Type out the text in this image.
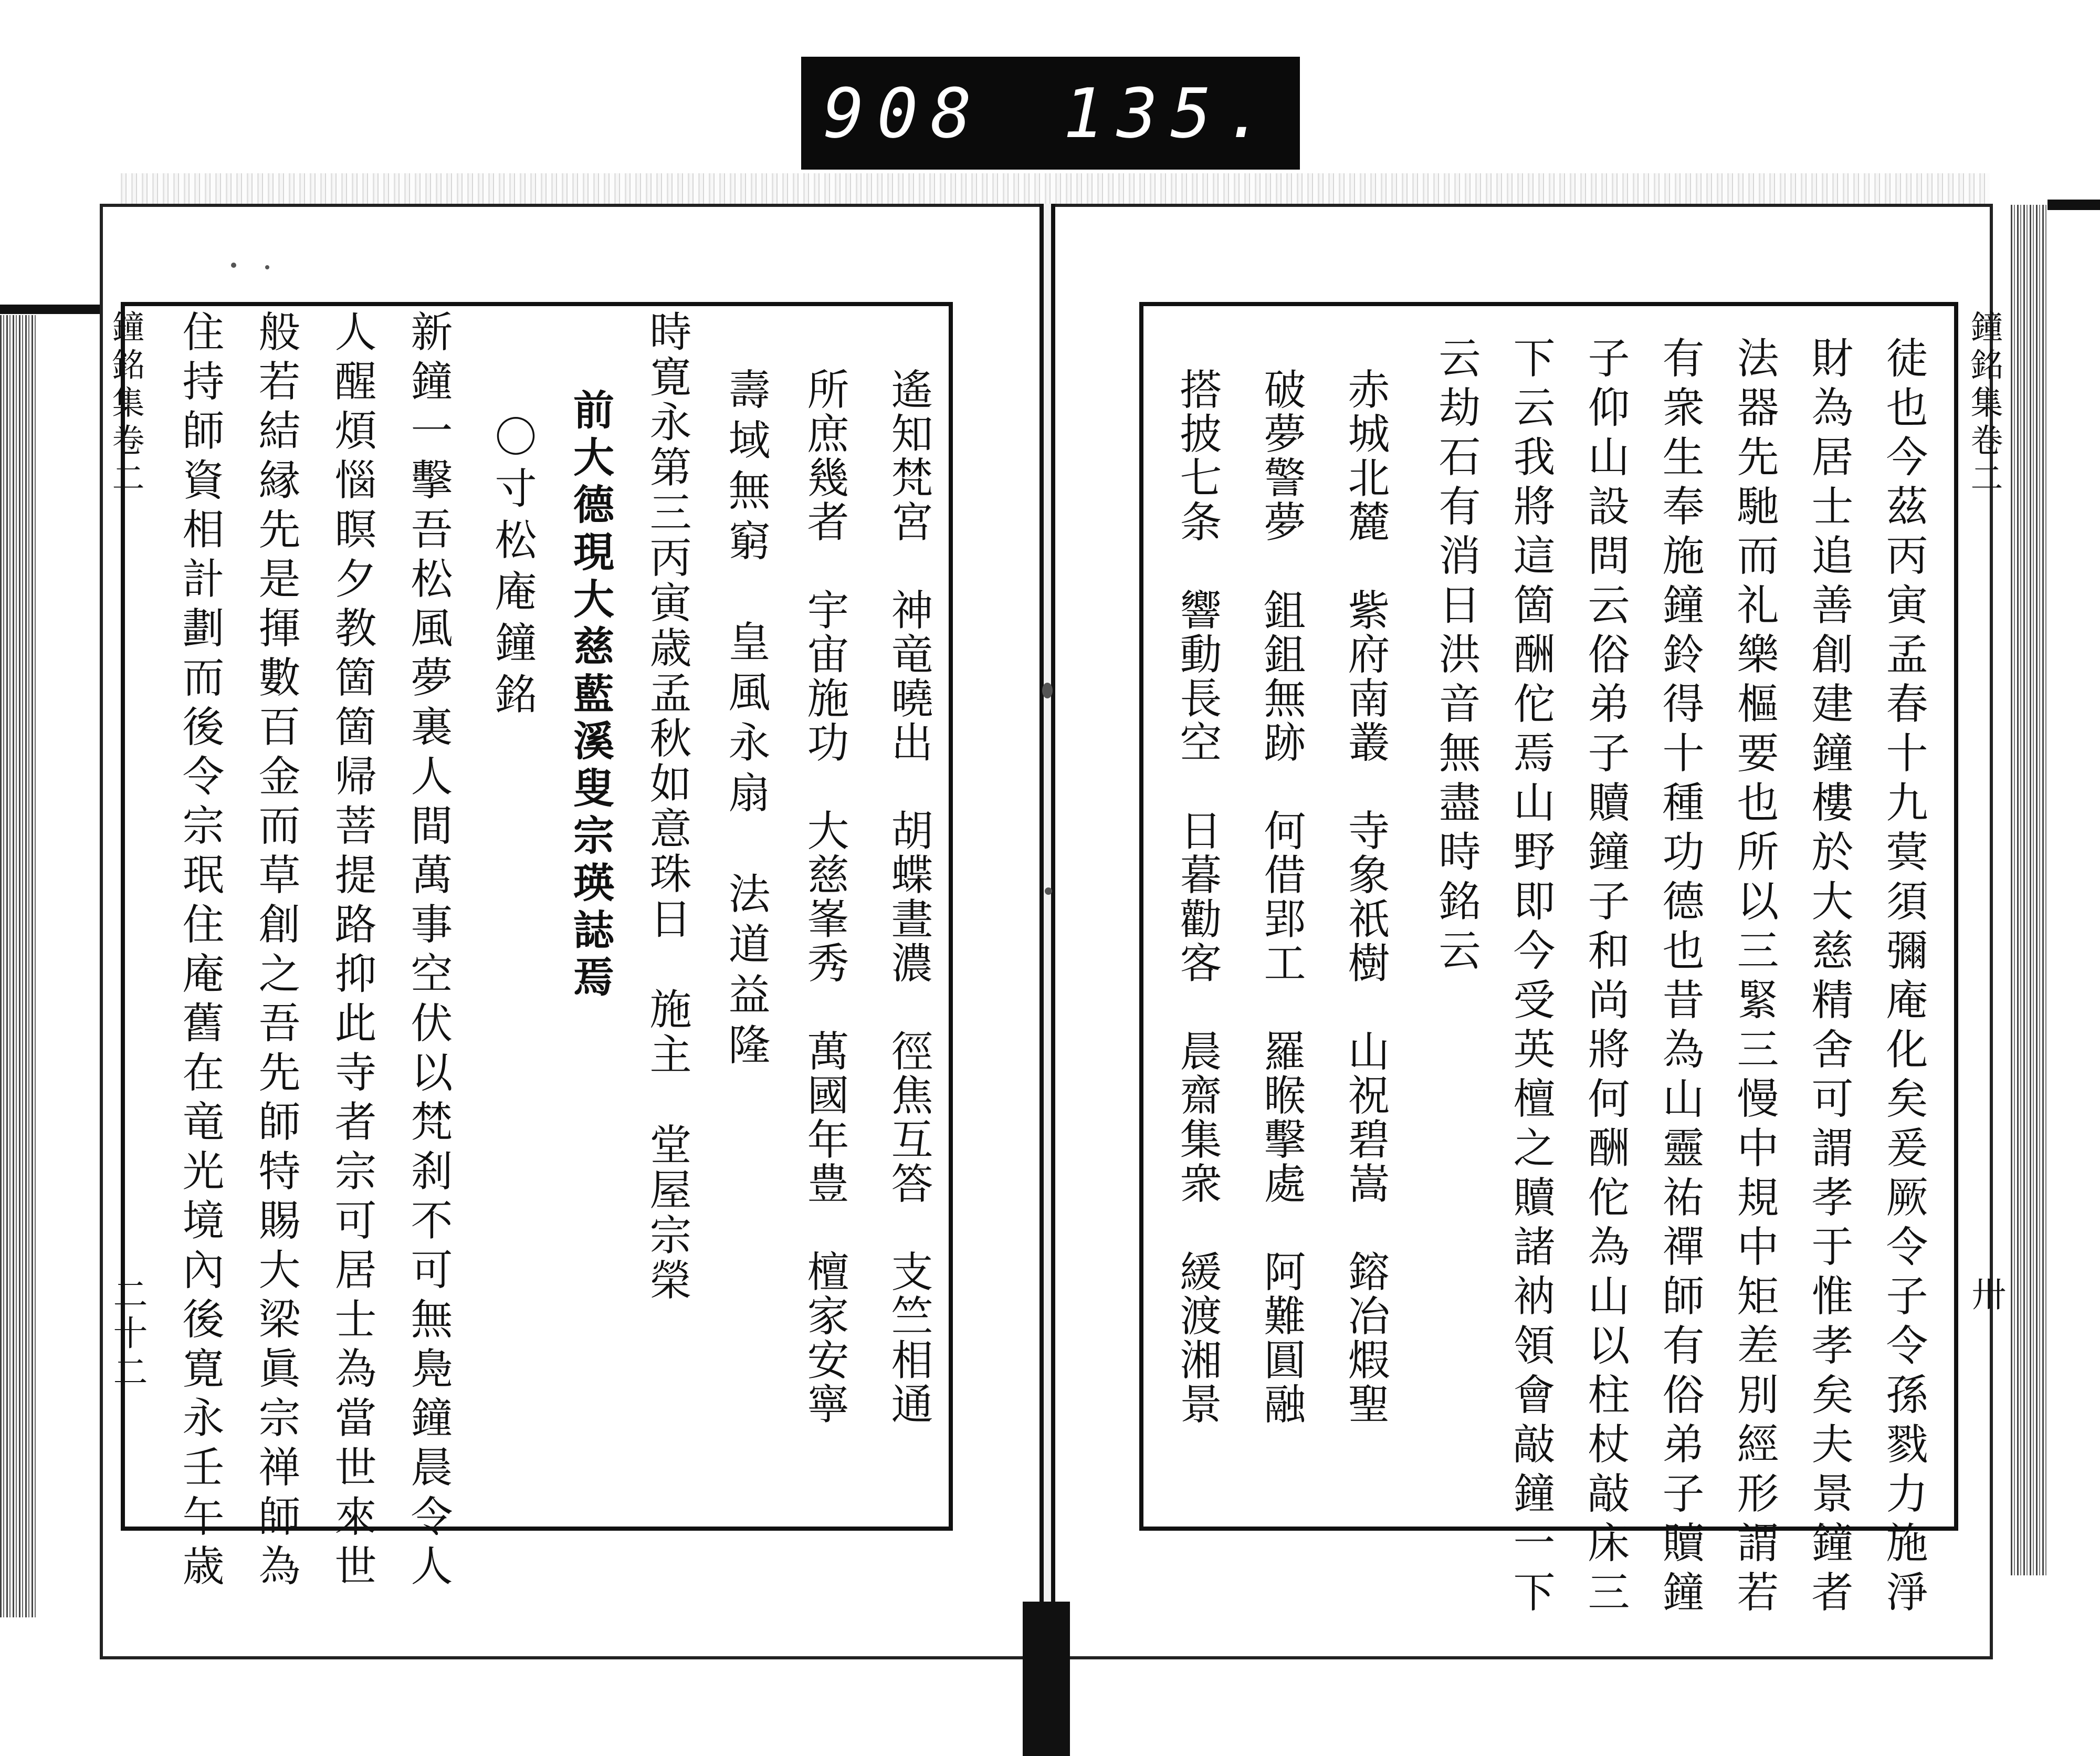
908 135.
鐘銘集卷二
卅
徒也今茲丙寅孟春十九蓂須彌庵化矣爰厥令子令孫戮力施淨
財為居士追善創建鐘樓於大慈精舍可謂孝于惟孝矣夫景鐘者
法器先馳而礼樂樞要也所以三緊三慢中規中矩差別經形謂若
有衆生奉施鐘鈴得十種功德也昔為山靈祐禪師有俗弟子贖鐘
子仰山設問云俗弟子贖鐘子和尚將何酬佗為山以柱杖敲床三
下云我將這箇酬佗焉山野即今受英檀之贖諸衲領會敲鐘一下
云劫石有消日洪音無盡時銘云
赤城北麓　紫府南叢　寺象祇樹　山祝碧嵩　鎔冶煆聖
破夢警夢　鉏鉏無跡　何借郢工　羅睺擊處　阿難圓融
搭披七条　響動長空　日暮勸客　晨齋集衆　緩渡湘景
鐘銘集卷二
二十二	遙知梵宮　神竜曉出　胡蝶晝濃　徑焦互答　支竺相通
所庶幾者　宇宙施功　大慈峯秀　萬國年豊　檀家安寧
壽域無窮　皇風永扇　法道益隆
時寛永第三丙寅歳孟秋如意珠日　施主　堂屋宗榮
前大德現大慈藍溪叟宗瑛誌焉
〇寸松庵鐘銘
新鐘一擊吾松風夢裏人間萬事空伏以梵刹不可無鳧鐘晨令人
人醒煩惱瞑夕教箇箇帰菩提路抑此寺者宗可居士為當世來世
般若結縁先是揮數百金而草創之吾先師特賜大梁眞宗禅師為
住持師資相計劃而後令宗珉住庵舊在竜光境內後寛永壬午歳
